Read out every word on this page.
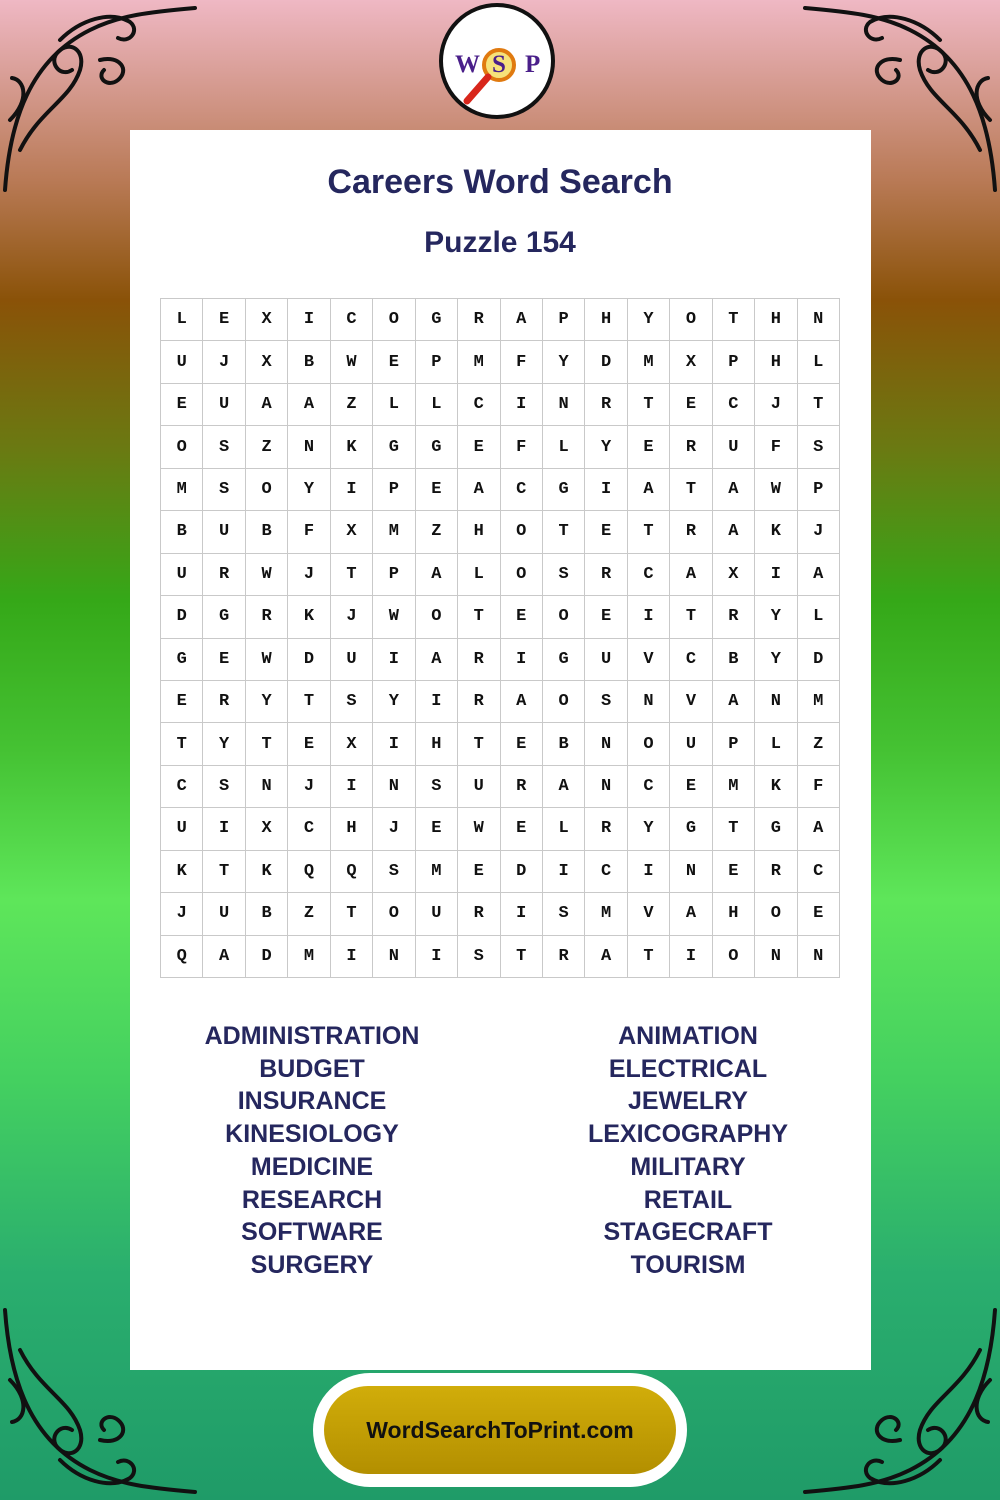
W S P
Careers Word Search
Puzzle 154
L	E	X	I	C	O	G	R	A	P	H	Y	O	T	H	N
U	J	X	B	W	E	P	M	F	Y	D	M	X	P	H	L
E	U	A	A	Z	L	L	C	I	N	R	T	E	C	J	T
O	S	Z	N	K	G	G	E	F	L	Y	E	R	U	F	S
M	S	O	Y	I	P	E	A	C	G	I	A	T	A	W	P
B	U	B	F	X	M	Z	H	O	T	E	T	R	A	K	J
U	R	W	J	T	P	A	L	O	S	R	C	A	X	I	A
D	G	R	K	J	W	O	T	E	O	E	I	T	R	Y	L
G	E	W	D	U	I	A	R	I	G	U	V	C	B	Y	D
E	R	Y	T	S	Y	I	R	A	O	S	N	V	A	N	M
T	Y	T	E	X	I	H	T	E	B	N	O	U	P	L	Z
C	S	N	J	I	N	S	U	R	A	N	C	E	M	K	F
U	I	X	C	H	J	E	W	E	L	R	Y	G	T	G	A
K	T	K	Q	Q	S	M	E	D	I	C	I	N	E	R	C
J	U	B	Z	T	O	U	R	I	S	M	V	A	H	O	E
Q	A	D	M	I	N	I	S	T	R	A	T	I	O	N	N
ADMINISTRATION
BUDGET
INSURANCE
KINESIOLOGY
MEDICINE
RESEARCH
SOFTWARE
SURGERY
ANIMATION
ELECTRICAL
JEWELRY
LEXICOGRAPHY
MILITARY
RETAIL
STAGECRAFT
TOURISM
WordSearchToPrint.com
